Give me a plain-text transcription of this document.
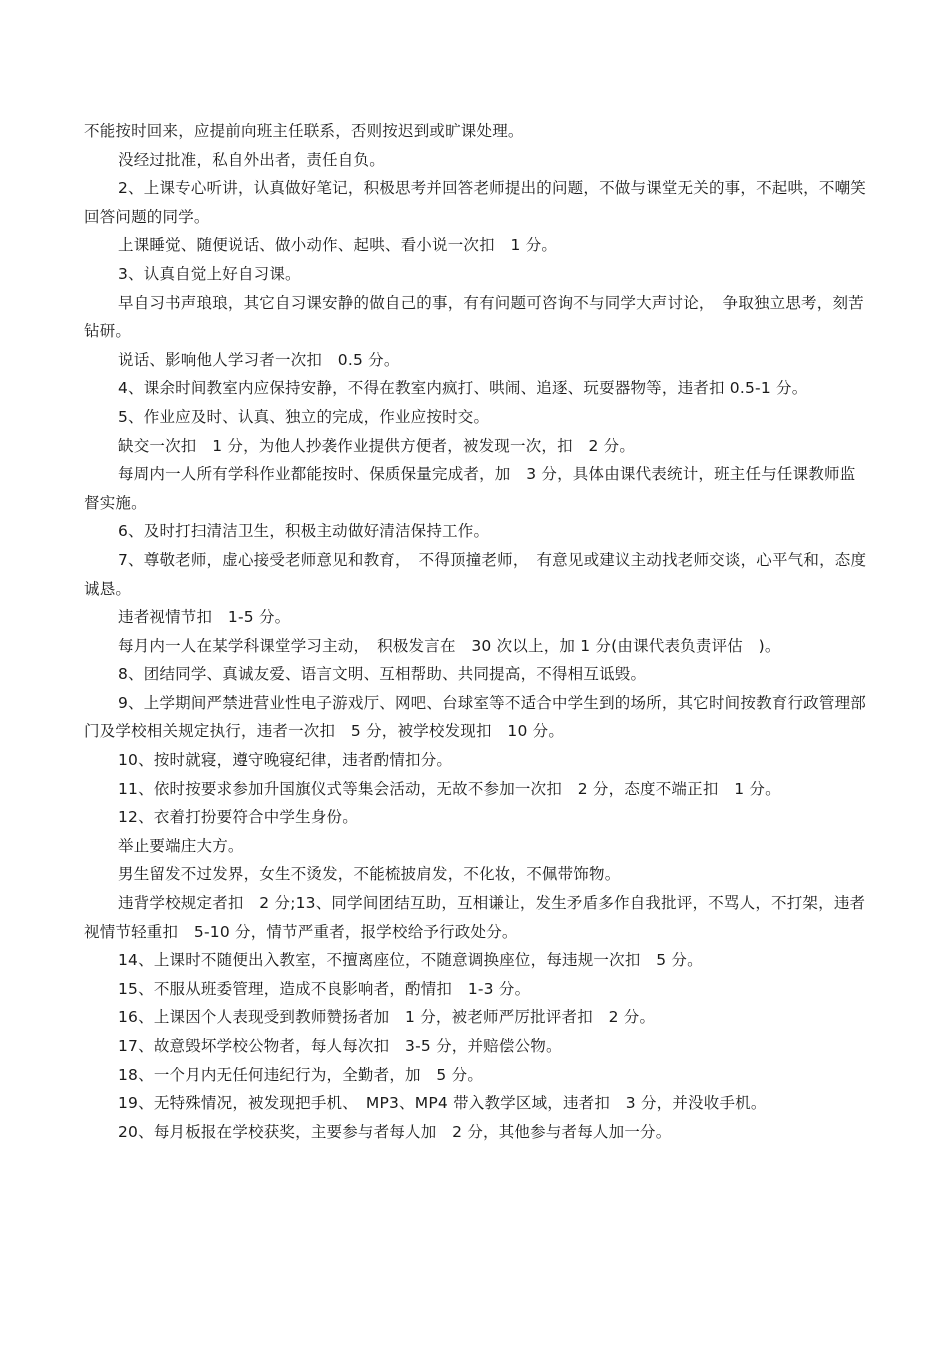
不能按时回来，应提前向班主任联系，否则按迟到或旷课处理。

没经过批准，私自外出者，责任自负。

2、上课专心听讲，认真做好笔记，积极思考并回答老师提出的问题，不做与课堂无关的事，不起哄，不嘲笑回答问题的同学。

上课睡觉、随便说话、做小动作、起哄、看小说一次扣　1 分。

3、认真自觉上好自习课。

早自习书声琅琅，其它自习课安静的做自己的事，有有问题可咨询不与同学大声讨论，　争取独立思考，刻苦钻研。

说话、影响他人学习者一次扣　0.5 分。

4、课余时间教室内应保持安静，不得在教室内疯打、哄闹、追逐、玩耍器物等，违者扣 0.5-1 分。

5、作业应及时、认真、独立的完成，作业应按时交。

缺交一次扣　1 分，为他人抄袭作业提供方便者，被发现一次，扣　2 分。

每周内一人所有学科作业都能按时、保质保量完成者，加　3 分，具体由课代表统计，班主任与任课教师监督实施。

6、及时打扫清洁卫生，积极主动做好清洁保持工作。

7、尊敬老师，虚心接受老师意见和教育，　不得顶撞老师，　有意见或建议主动找老师交谈，心平气和，态度诚恳。

违者视情节扣　1-5 分。

每月内一人在某学科课堂学习主动，　积极发言在　30 次以上，加 1 分(由课代表负责评估　)。

8、团结同学、真诚友爱、语言文明、互相帮助、共同提高，不得相互诋毁。

9、上学期间严禁进营业性电子游戏厅、网吧、台球室等不适合中学生到的场所，其它时间按教育行政管理部门及学校相关规定执行，违者一次扣　5 分，被学校发现扣　10 分。

10、按时就寝，遵守晚寝纪律，违者酌情扣分。

11、依时按要求参加升国旗仪式等集会活动，无故不参加一次扣　2 分，态度不端正扣　1 分。

12、衣着打扮要符合中学生身份。

举止要端庄大方。

男生留发不过发界，女生不烫发，不能梳披肩发，不化妆，不佩带饰物。

违背学校规定者扣　2 分;13、同学间团结互助，互相谦让，发生矛盾多作自我批评，不骂人，不打架，违者视情节轻重扣　5-10 分，情节严重者，报学校给予行政处分。

14、上课时不随便出入教室，不擅离座位，不随意调换座位，每违规一次扣　5 分。

15、不服从班委管理，造成不良影响者，酌情扣　1-3 分。

16、上课因个人表现受到教师赞扬者加　1 分，被老师严厉批评者扣　2 分。

17、故意毁坏学校公物者，每人每次扣　3-5 分，并赔偿公物。

18、一个月内无任何违纪行为，全勤者，加　5 分。

19、无特殊情况，被发现把手机、　MP3、MP4 带入教学区域，违者扣　3 分，并没收手机。

20、每月板报在学校获奖，主要参与者每人加　2 分，其他参与者每人加一分。
